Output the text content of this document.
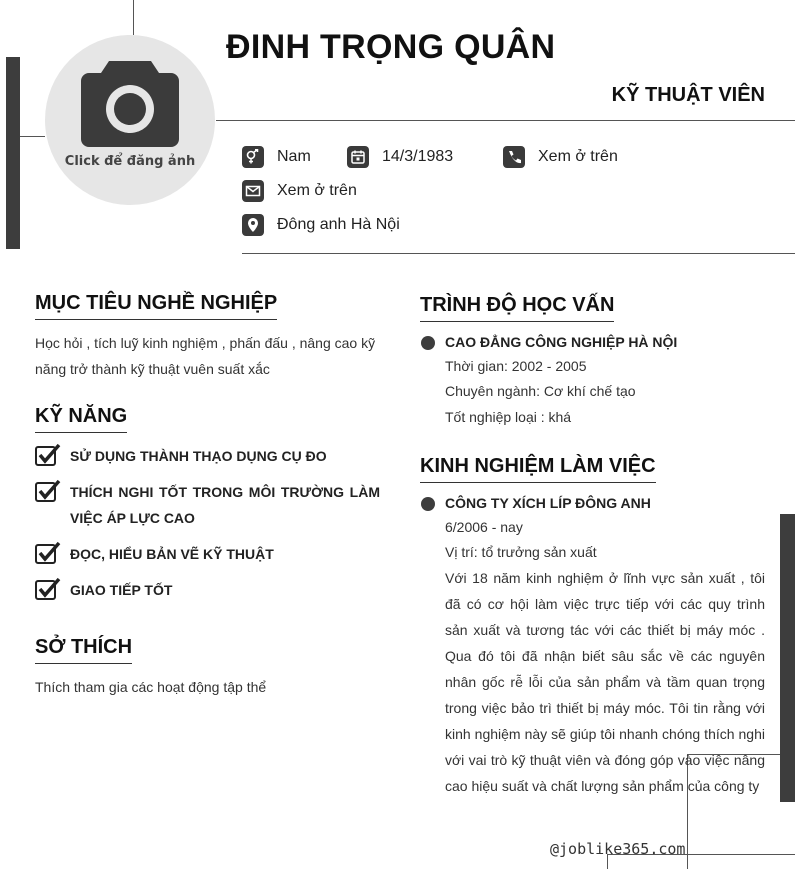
Click để đăng ảnh
ĐINH TRỌNG QUÂN
KỸ THUẬT VIÊN
Nam	14/3/1983	Xem ở trên
Xem ở trên
Đông anh Hà Nội
MỤC TIÊU NGHỀ NGHIỆP
Học hỏi , tích luỹ kinh nghiệm , phấn đấu , nâng cao kỹ năng trở thành kỹ thuật vuên suất xắc
KỸ NĂNG
SỬ DỤNG THÀNH THẠO DỤNG CỤ ĐO
THÍCH NGHI TỐT TRONG MÔI TRƯỜNG LÀM VIỆC ÁP LỰC CAO
ĐỌC, HIỂU BẢN VẼ KỸ THUẬT
GIAO TIẾP TỐT
SỞ THÍCH
Thích tham gia các hoạt động tập thể
TRÌNH ĐỘ HỌC VẤN
CAO ĐẲNG CÔNG NGHIỆP HÀ NỘI
Thời gian: 2002 - 2005
Chuyên ngành: Cơ khí chế tạo
Tốt nghiệp loại : khá
KINH NGHIỆM LÀM VIỆC
CÔNG TY XÍCH LÍP ĐÔNG ANH
6/2006 - nay
Vị trí: tổ trưởng sản xuất
Với 18 năm kinh nghiệm ở lĩnh vực sản xuất , tôi đã có cơ hội làm việc trực tiếp với các quy trình sản xuất và tương tác với các thiết bị máy móc . Qua đó tôi đã nhận biết sâu sắc về các nguyên nhân gốc rễ lỗi của sản phẩm và tầm quan trọng trong việc bảo trì thiết bị máy móc. Tôi tin rằng với kinh nghiệm này sẽ giúp tôi nhanh chóng thích nghi với vai trò kỹ thuật viên và đóng góp vào việc nâng cao hiệu suất và chất lượng sản phẩm của công ty
@joblike365.com
